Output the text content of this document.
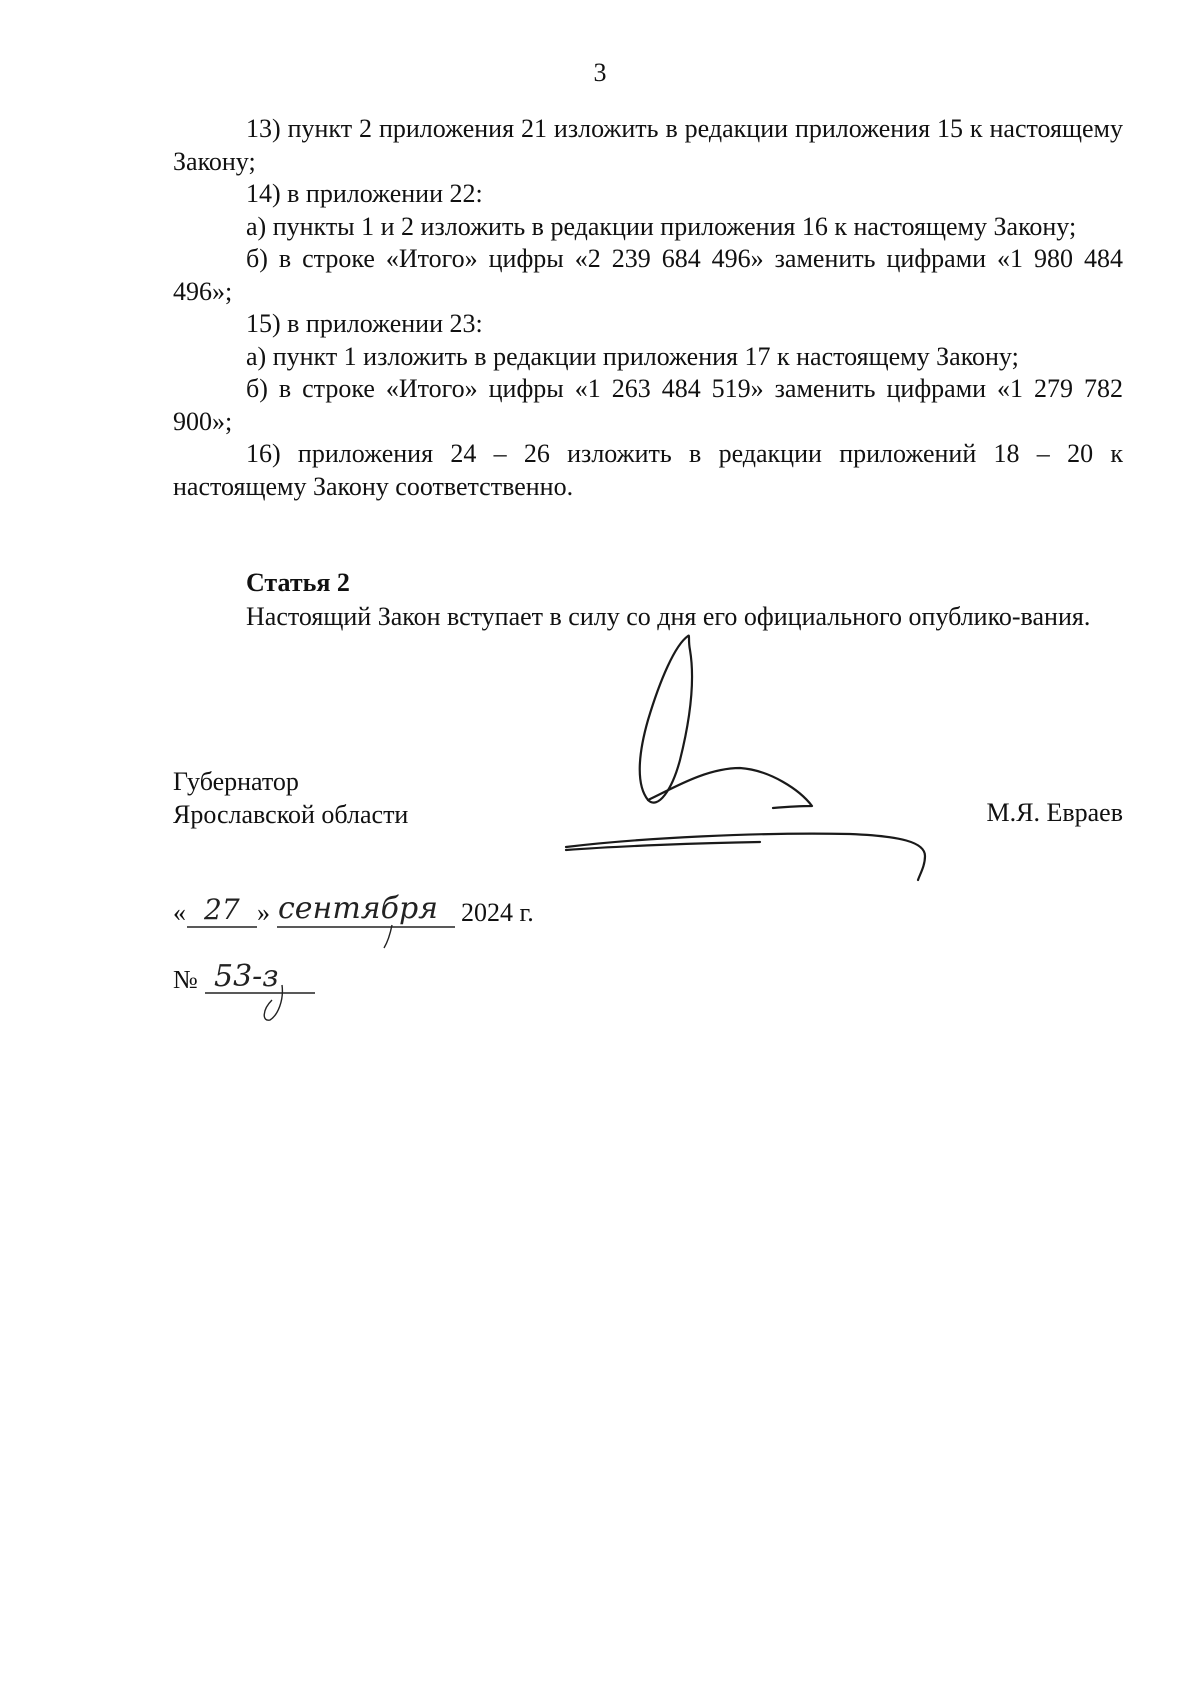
3

13) пункт 2 приложения 21 изложить в редакции приложения 15 к настоящему Закону;

14) в приложении 22:

а) пункты 1 и 2 изложить в редакции приложения 16 к настоящему Закону;

б) в строке «Итого» цифры «2 239 684 496» заменить цифрами «1 980 484 496»;

15) в приложении 23:

а) пункт 1 изложить в редакции приложения 17 к настоящему Закону;

б) в строке «Итого» цифры «1 263 484 519» заменить цифрами «1 279 782 900»;

16) приложения 24 – 26 изложить в редакции приложений 18 – 20 к настоящему Закону соответственно.

Статья 2

Настоящий Закон вступает в силу со дня его официального опублико-вания.

Губернатор
Ярославской области	М.Я. Евраев
« 27 » сентября 2024 г.
№ 53-з
